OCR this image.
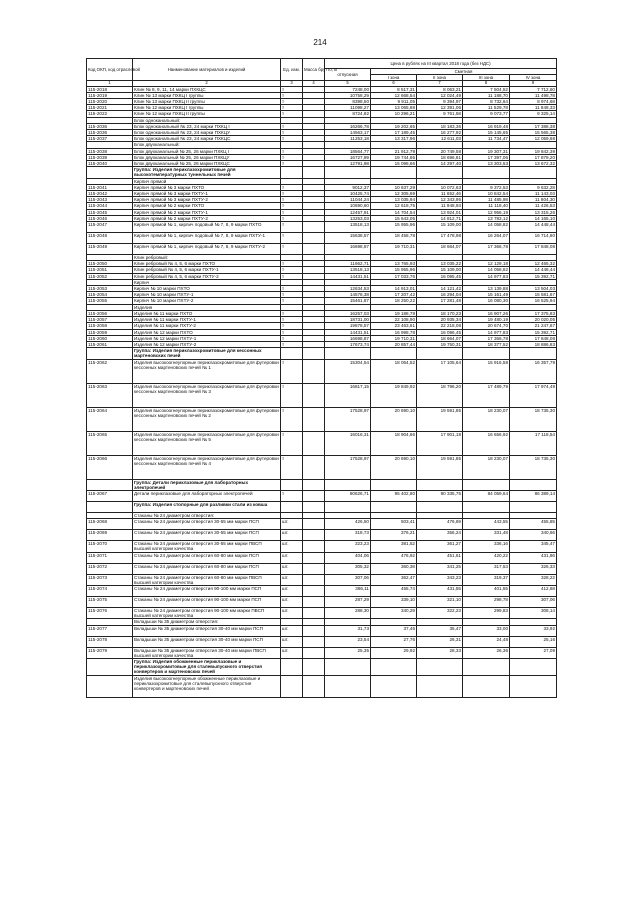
214
Код ОКП, код отраслевой	Наименование материалов и изделий	Ед. изм.	Масса брутто, кг	Цена в рублях на III квартал 2018 года (без НДС)				
				отпускная	Сметная			
					I зона	II зона	III зона	IV зона
1	2	3	4	5	6	7	8	9
115-2018	Клин № 8, 9, 11, 14 марки ПХКЦС	т		7248,00	8 517,31	8 063,21	7 504,52	7 712,60
115-2019	Клин № 13 марки ПХКЦ I группы	т		10758,29	12 668,54	12 024,49	11 188,70	11 498,78
115-2020	Клин № 13 марки ПХКЦ II группы	т		8398,50	9 911,05	9 394,97	8 732,64	8 974,68
115-2021	Клин № 12 марки ПХКЦ I группы	т		11098,27	13 065,88	12 391,06	11 529,78	11 848,33
115-2022	Клин № 12 марки ПХКЦ II группы	т		8724,82	10 296,21	9 761,58	9 073,77	9 325,14
	Блок одноканальный:							
115-2036	Блок одноканальный № 23, 24 марки ПХКЦ I	т		16266,78	19 202,65	18 183,36	16 919,48	17 388,38
115-2036	Блок одноканальный № 23, 24 марки ПХКЦУ	т		14563,17	17 189,45	16 277,92	15 145,65	15 565,38
115-2037	Блок одноканальный № 23, 24 марки ПХКЦС	т		11253,18	13 317,96	12 611,03	11 734,47	12 059,68
	Блок двухканальный:							
115-2038	Блок двухканальный № 25, 26 марки ПХКЦ I	т		18564,77	21 912,79	20 749,58	19 307,31	19 842,39
115-2039	Блок двухканальный № 25, 26 марки ПХКЦУ	т		16727,99	19 744,65	18 696,81	17 397,06	17 879,20
115-2040	Блок двухканальный № 25, 26 марки ПХКЦС	т		12791,98	15 098,66	14 297,40	13 303,53	13 672,32
	Группа: Изделия периклазохромитовые для высокотемпературных туннельных печей							
	Кирпич прямой							
115-2041	Кирпич прямой № 3 марки ПХТО	т		9012,37	10 637,29	10 072,63	9 372,53	9 632,28
115-2042	Кирпич прямой № 3 марки ПХТУ-1	т		10425,74	12 305,69	11 652,46	10 842,54	11 143,03
115-2043	Кирпич прямой № 3 марки ПХТУ-2	т		11044,24	13 035,94	12 343,95	11 485,98	11 804,30
115-2044	Кирпич прямой № 2 марки ПХТО	т		10690,60	12 618,75	11 948,93	11 118,40	11 426,53
115-2045	Кирпич прямой № 2 марки ПХТУ-1	т		12457,91	14 704,54	13 924,01	12 956,19	13 315,26
115-2046	Кирпич прямой № 2 марки ПХТУ-2	т		13253,03	15 643,05	14 812,71	13 783,12	14 165,10
115-2047	Кирпич прямой № 1, кирпич подовый № 7, 8, 9 марки ПХТО	т		13518,13	15 955,96	15 109,00	14 058,82	14 448,44
115-2048	Кирпич прямой № 1, кирпич подовый № 7, 8, 9 марки ПХТУ-1	т		15638,57	18 458,78	17 478,98	16 264,07	16 714,80
115-2049	Кирпич прямой № 1, кирпич подовый № 7, 8, 9 марки ПХТУ-2	т		16698,87	19 710,31	18 664,07	17 366,78	17 848,08
	Клин ребровый:							
115-2050	Клин ребровый № 4, 5, 6 марки ПХТО	т		11662,71	13 765,93	13 035,22	12 129,18	12 465,32
115-2051	Клин ребровый № 4, 5, 6 марки ПХТУ-1	т		13518,13	15 955,96	15 109,00	14 058,82	14 448,44
115-2052	Клин ребровый № 4, 5, 6 марки ПХТУ-2	т		14431,51	17 033,76	16 095,45	14 977,83	15 392,71
	Кирпич							
115-2053	Кирпич № 10 марки ПХТО	т		12634,53	14 913,01	14 121,42	13 139,88	13 504,03
115-2054	Кирпич № 10 марки ПХТУ-1	т		14578,38	17 207,42	16 294,04	15 161,49	15 581,67
115-2055	Кирпич № 10 марки ПХТУ-2	т		15461,87	18 250,22	17 281,48	16 080,30	16 525,94
	Изделия							
115-2056	Изделия № 11 марки ПХТО	т		16257,03	19 188,78	18 170,23	16 907,26	17 375,83
115-2057	Изделия № 11 марки ПХТУ-1	т		18731,00	22 108,90	20 935,34	19 480,19	20 020,05
115-2058	Изделия № 11 марки ПХТУ-2	т		19878,57	23 463,61	22 218,08	20 674,70	21 247,67
115-2059	Изделия № 12 марки ПХТО	т		14431,51	16 998,78	16 096,45	14 977,83	15 392,71
115-2060	Изделия № 12 марки ПХТУ-1	т		16698,87	19 710,31	18 664,07	17 366,78	17 848,08
115-2061	Изделия № 12 марки ПХТУ-2	т		17673,74	20 857,44	19 750,31	18 377,52	18 886,83
	Группа: Изделия периклазохромитовые для кессонных мартеновских печей							
115-2062	Изделия высокоогнеупорные периклазохромитовые для футеровки кессонных мартеновских печей № 1	т		15304,54	18 064,52	17 105,64	15 916,58	16 357,79
115-2063	Изделия высокоогнеупорные периклазохромитовые для футеровки кессонных мартеновских печей № 3	т		16817,15	19 849,92	18 796,20	17 489,79	17 974,49
115-2064	Изделия высокоогнеупорные периклазохромитовые для футеровки кессонных мартеновских печей № 2	т		17528,97	20 690,10	19 591,85	18 230,07	18 735,30
115-2065	Изделия высокоогнеупорные периклазохромитовые для футеровки кессонных мартеновских печей № 5	т		16016,31	18 904,66	17 901,18	16 656,92	17 118,54
115-2066	Изделия высокоогнеупорные периклазохромитовые для футеровки кессонных мартеновских печей № 4	т		17528,97	20 690,10	19 591,85	18 230,07	18 735,30
	Группа: Детали периклазовые для лабораторных электропечей							
115-2067	Детали периклазовые для лабораторных электропечей	т		80626,71	95 402,80	90 335,75	84 059,64	86 389,14
	Группа: Изделия стопорные для разливки стали из ковша							
	Стаканы № 24 диаметром отверстия:							
115-2068	Стаканы № 24 диаметром отверстия 30-55 мм марки ПСП	шт.		426,50	503,41	476,69	443,55	455,85
115-2069	Стаканы № 24 диаметром отверстия 30-55 мм марки ПСП	шт.		318,73	376,21	356,24	331,48	340,66
115-2070	Стаканы № 24 диаметром отверстия 30-55 мм марки ПВСП высшей категории качества	шт.		323,23	381,52	361,27	336,16	345,47
115-2071	Стаканы № 24 диаметром отверстия 60-80 мм марки ПСП	шт.		404,06	476,92	451,61	420,22	431,86
115-2072	Стаканы № 24 диаметром отверстия 60-80 мм марки ПСП	шт.		305,32	360,38	341,25	317,53	326,33
115-2073	Стаканы № 24 диаметром отверстия 60-80 мм марки ПВСП высшей категории качества	шт.		307,06	362,47	343,23	319,37	328,22
115-2074	Стаканы № 24 диаметром отверстия 90-100 мм марки ПСП	шт.		386,11	455,74	431,55	401,55	412,68
115-2075	Стаканы № 24 диаметром отверстия 90-100 мм марки ПСП	шт.		287,29	339,10	321,10	298,78	307,06
115-2076	Стаканы № 24 диаметром отверстия 90-100 мм марки ПВСП высшей категории качества	шт.		288,30	340,29	322,23	299,83	308,14
	Вкладыши № 35 диаметром отверстия:							
115-2077	Вкладыши № 35 диаметром отверстия 30-40 мм марки ПСП	шт.		31,73	37,46	35,47	33,00	33,92
115-2078	Вкладыши № 35 диаметром отверстия 30-40 мм марки ПСП	шт.		23,54	27,76	26,31	24,48	25,16
115-2079	Вкладыши № 35 диаметром отверстия 30-40 мм марки ПВСП высшей категории качества	шт.		25,35	29,92	28,33	26,36	27,09
	Группа: Изделия обожженные периклазовые и периклазохромитовые для сталевыпускного отверстия конвертеров и мартеновских печей							
	Изделия высокоогнеупорные обожженные периклазовые и периклазохромитовые для сталевыпускного отверстия конвертеров и мартеновских печей							
